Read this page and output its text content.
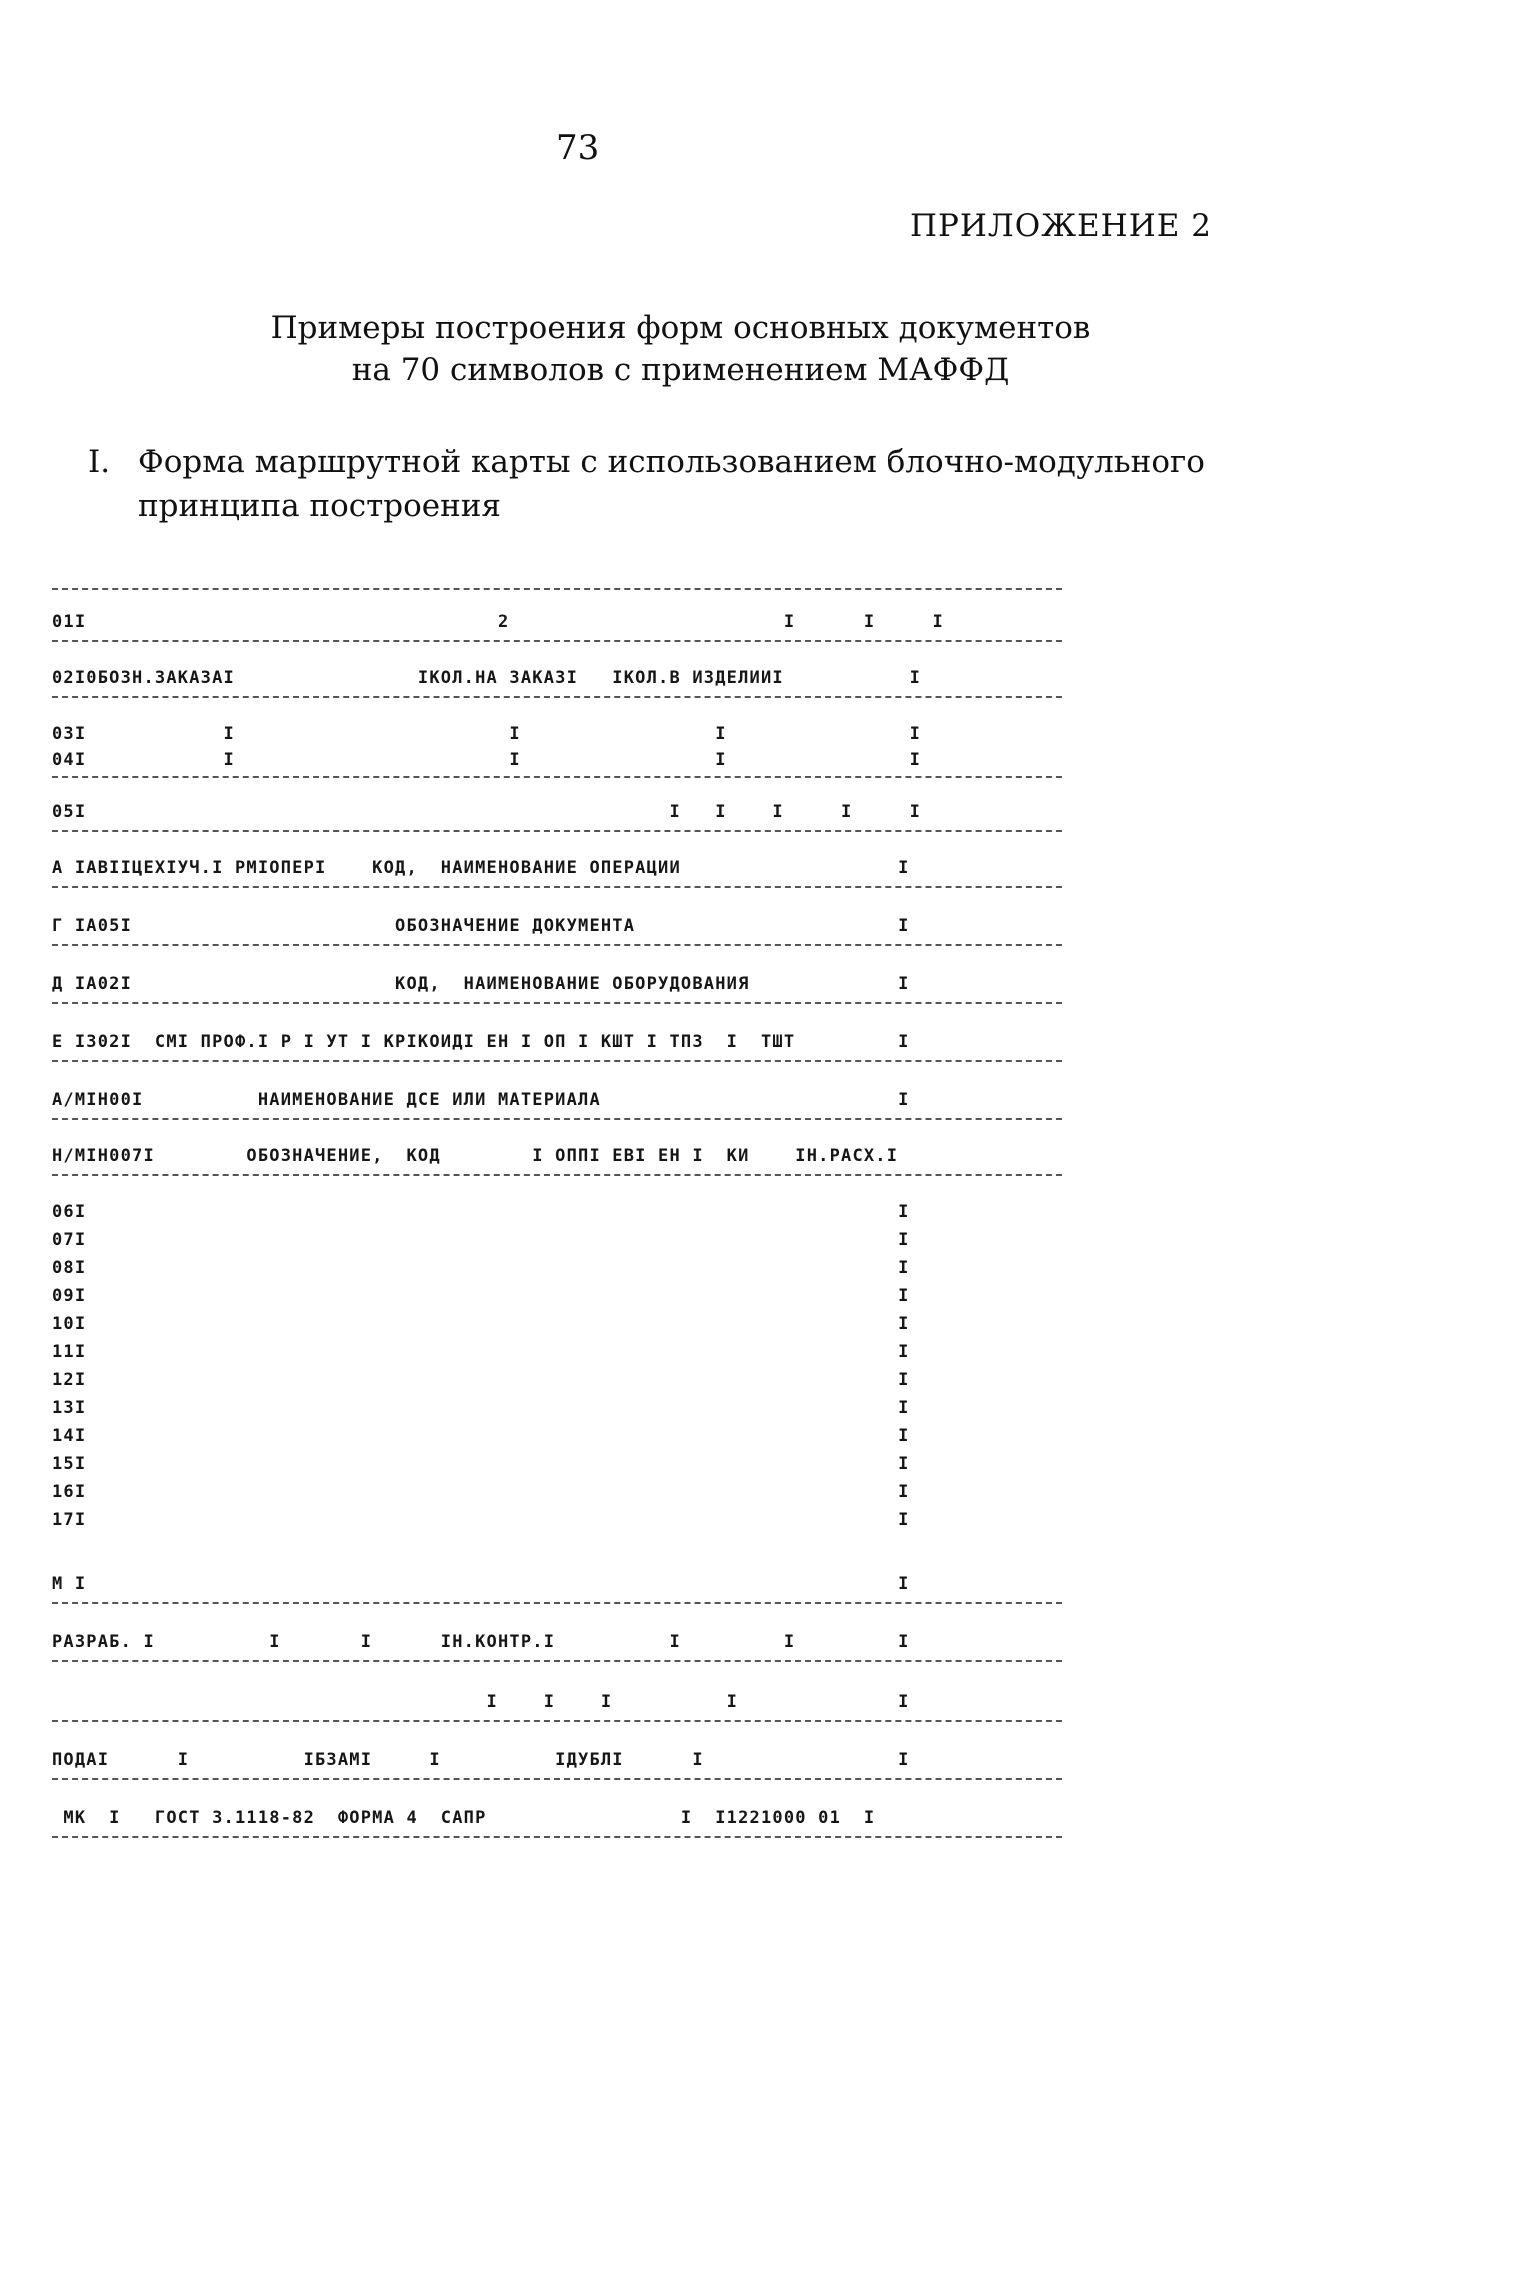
73
ПРИЛОЖЕНИЕ 2
Примеры построения форм основных документов
на 70 символов с применением МАФФД
I. Форма маршрутной карты с использованием блочно-модульного
принципа построения
01I                                    2                        I      I     I
02I0БОЗН.ЗАКАЗАI                IКОЛ.НА ЗАКАЗI   IКОЛ.В ИЗДЕЛИИI           I
03I            I                        I                 I                I
04I            I                        I                 I                I
05I                                                   I   I    I     I     I
А IАВIIЦЕХIУЧ.I РМIОПЕРI    КОД,  НАИМЕНОВАНИЕ ОПЕРАЦИИ                   I
Г IА05I                       ОБОЗНАЧЕНИЕ ДОКУМЕНТА                       I
Д IА02I                       КОД,  НАИМЕНОВАНИЕ ОБОРУДОВАНИЯ             I
Е I302I  СМI ПРОФ.I Р I УТ I КРIКОИДI ЕН I ОП I КШТ I ТПЗ  I  ТШТ         I
А/МIН00I          НАИМЕНОВАНИЕ ДСЕ ИЛИ МАТЕРИАЛА                          I
Н/МIН007I        ОБОЗНАЧЕНИЕ,  КОД        I ОППI ЕВI ЕН I  КИ    IН.РАСХ.I
06I                                                                       I
07I                                                                       I
08I                                                                       I
09I                                                                       I
10I                                                                       I
11I                                                                       I
12I                                                                       I
13I                                                                       I
14I                                                                       I
15I                                                                       I
16I                                                                       I
17I                                                                       I
М I                                                                       I
РАЗРАБ. I          I       I      IН.КОНТР.I          I         I         I
I    I    I          I              I
ПОДАI      I          IБЗАМI     I          IДУБЛI      I                 I
МК  I   ГОСТ 3.1118-82  ФОРМА 4  САПР                 I  I1221000 01  I
